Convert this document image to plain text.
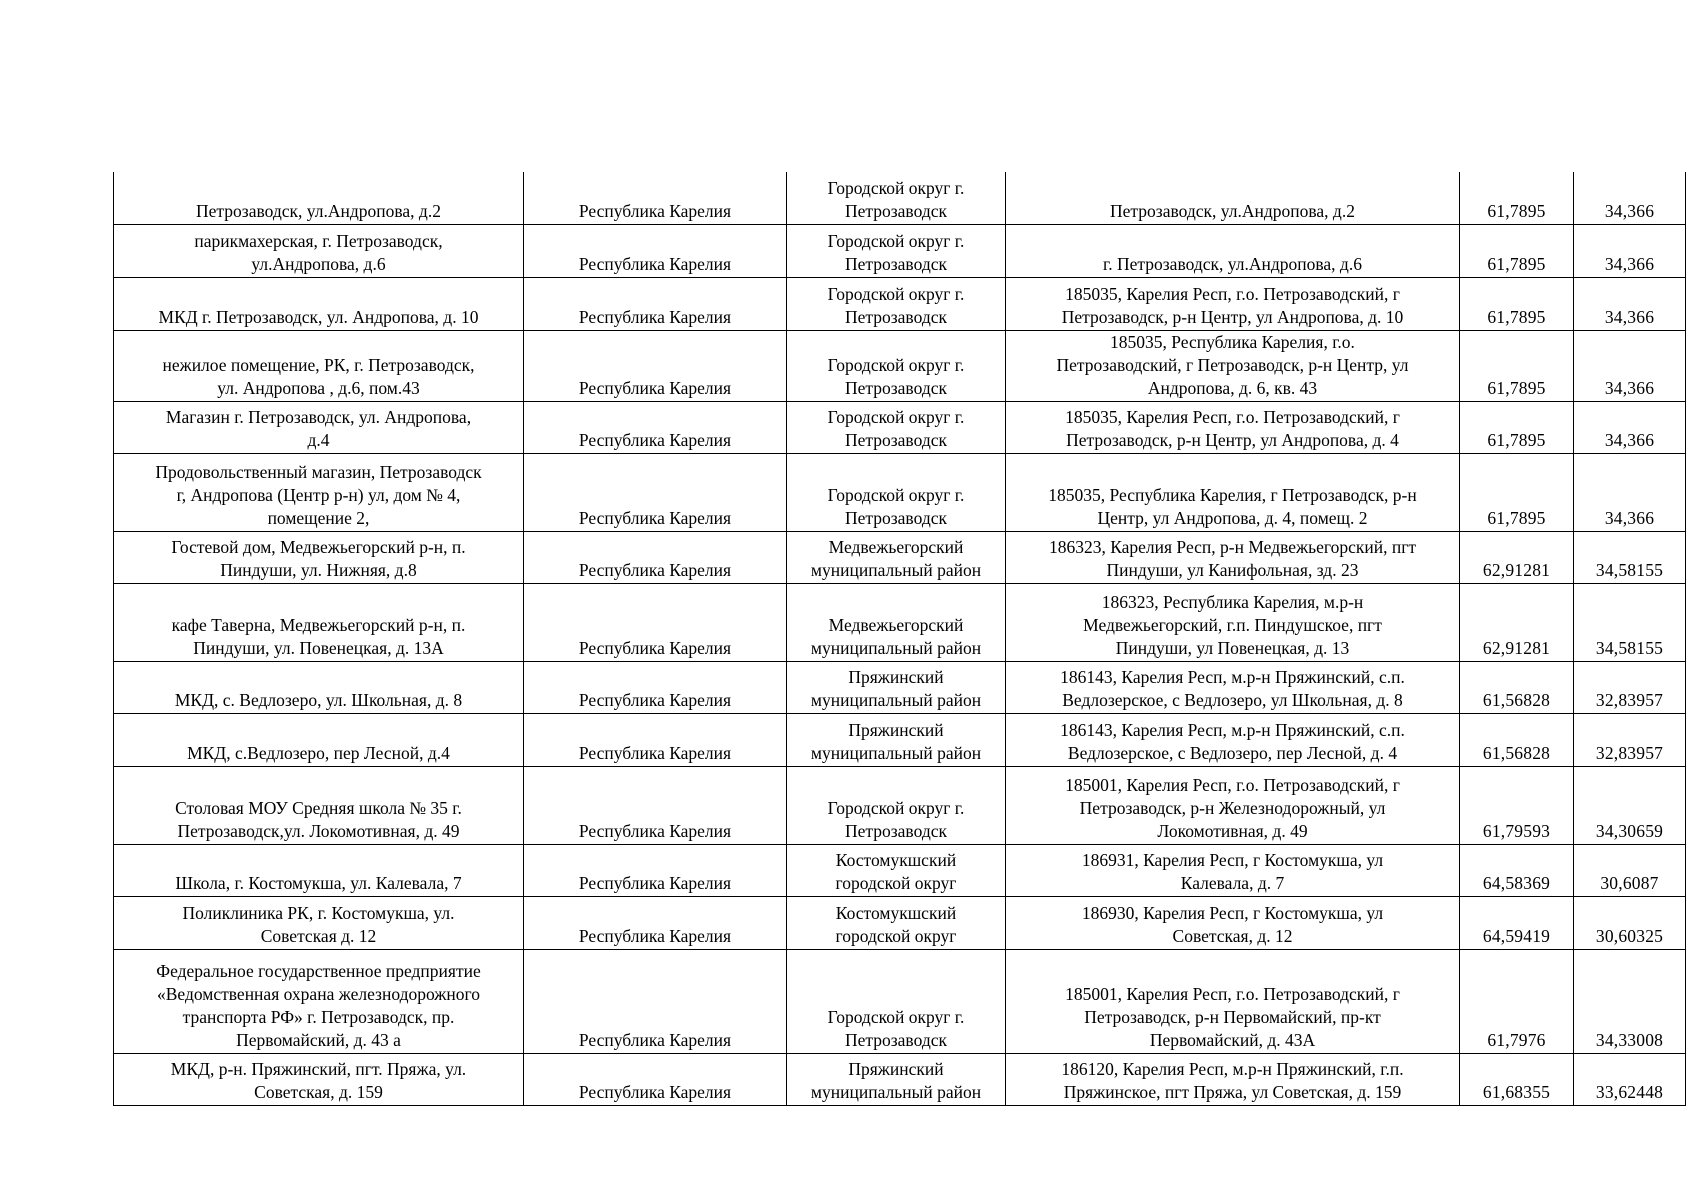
Петрозаводск, ул.Андропова, д.2	Республика Карелия	Городской округ г.
Петрозаводск	Петрозаводск, ул.Андропова, д.2	61,7895	34,366

парикмахерская, г. Петрозаводск,
ул.Андропова, д.6	Республика Карелия	Городской округ г.
Петрозаводск	г. Петрозаводск, ул.Андропова, д.6	61,7895	34,366

МКД г. Петрозаводск, ул. Андропова, д. 10	Республика Карелия	Городской округ г.
Петрозаводск	185035, Карелия Респ, г.о. Петрозаводский, г
Петрозаводск, р-н Центр, ул Андропова, д. 10	61,7895	34,366

нежилое помещение, РК, г. Петрозаводск,
ул. Андропова , д.6, пом.43	Республика Карелия	Городской округ г.
Петрозаводск	185035, Республика Карелия, г.о.
Петрозаводский, г Петрозаводск, р-н Центр, ул
Андропова, д. 6, кв. 43	61,7895	34,366

Магазин г. Петрозаводск, ул. Андропова,
д.4	Республика Карелия	Городской округ г.
Петрозаводск	185035, Карелия Респ, г.о. Петрозаводский, г
Петрозаводск, р-н Центр, ул Андропова, д. 4	61,7895	34,366

Продовольственный магазин, Петрозаводск
г, Андропова (Центр р-н) ул, дом № 4,
помещение 2,	Республика Карелия	Городской округ г.
Петрозаводск	185035, Республика Карелия, г Петрозаводск, р-н
Центр, ул Андропова, д. 4, помещ. 2	61,7895	34,366

Гостевой дом, Медвежьегорский р-н, п.
Пиндуши, ул. Нижняя, д.8	Республика Карелия	Медвежьегорский
муниципальный район	186323, Карелия Респ, р-н Медвежьегорский, пгт
Пиндуши, ул Канифольная, зд. 23	62,91281	34,58155

кафе Таверна, Медвежьегорский р-н, п.
Пиндуши, ул. Повенецкая, д. 13А	Республика Карелия	Медвежьегорский
муниципальный район	186323, Республика Карелия, м.р-н
Медвежьегорский, г.п. Пиндушское, пгт
Пиндуши, ул Повенецкая, д. 13	62,91281	34,58155

МКД, с. Ведлозеро, ул. Школьная, д. 8	Республика Карелия	Пряжинский
муниципальный район	186143, Карелия Респ, м.р-н Пряжинский, с.п.
Ведлозерское, с Ведлозеро, ул Школьная, д. 8	61,56828	32,83957

МКД, с.Ведлозеро, пер Лесной, д.4	Республика Карелия	Пряжинский
муниципальный район	186143, Карелия Респ, м.р-н Пряжинский, с.п.
Ведлозерское, с Ведлозеро, пер Лесной, д. 4	61,56828	32,83957

Столовая МОУ Средняя школа № 35 г.
Петрозаводск,ул. Локомотивная, д. 49	Республика Карелия	Городской округ г.
Петрозаводск	185001, Карелия Респ, г.о. Петрозаводский, г
Петрозаводск, р-н Железнодорожный, ул
Локомотивная, д. 49	61,79593	34,30659

Школа, г. Костомукша, ул. Калевала, 7	Республика Карелия	Костомукшский
городской округ	186931, Карелия Респ, г Костомукша, ул
Калевала, д. 7	64,58369	30,6087

Поликлиника РК, г. Костомукша, ул.
Советская д. 12	Республика Карелия	Костомукшский
городской округ	186930, Карелия Респ, г Костомукша, ул
Советская, д. 12	64,59419	30,60325

Федеральное государственное предприятие
«Ведомственная охрана железнодорожного
транспорта РФ» г. Петрозаводск, пр.
Первомайский, д. 43 а	Республика Карелия	Городской округ г.
Петрозаводск	185001, Карелия Респ, г.о. Петрозаводский, г
Петрозаводск, р-н Первомайский, пр-кт
Первомайский, д. 43А	61,7976	34,33008

МКД, р-н. Пряжинский, пгт. Пряжа, ул.
Советская, д. 159	Республика Карелия	Пряжинский
муниципальный район	186120, Карелия Респ, м.р-н Пряжинский, г.п.
Пряжинское, пгт Пряжа, ул Советская, д. 159	61,68355	33,62448
